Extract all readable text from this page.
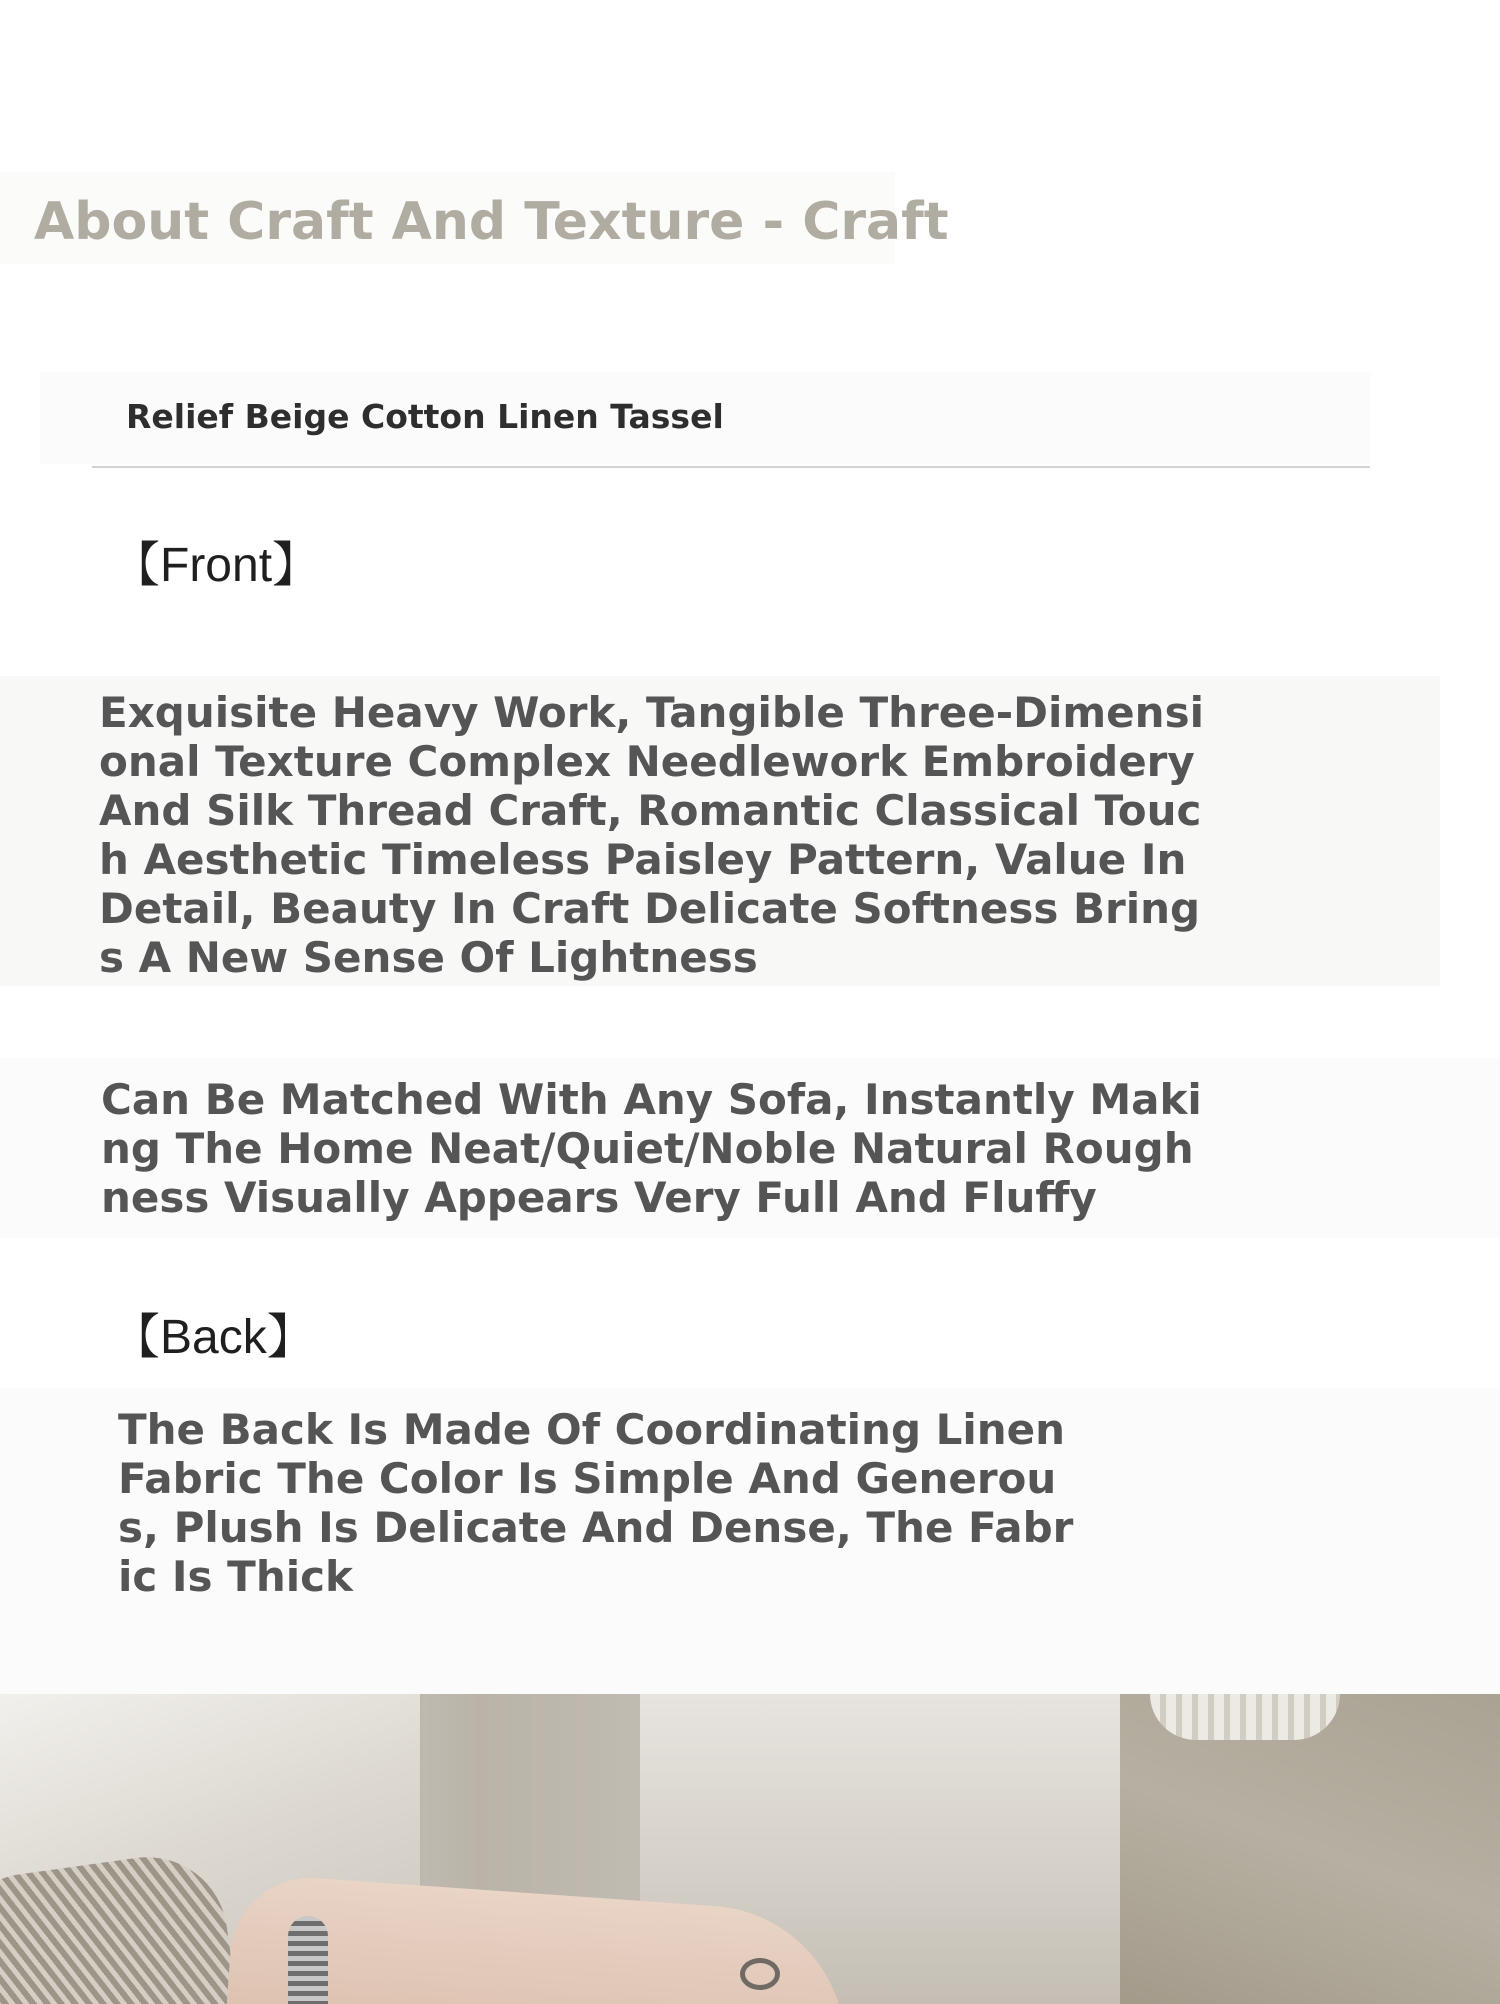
About Craft And Texture - Craft
Relief Beige Cotton Linen Tassel
【Front】

Exquisite Heavy Work, Tangible Three-Dimensional Texture Complex Needlework Embroidery And Silk Thread Craft, Romantic Classical Touch Aesthetic Timeless Paisley Pattern, Value In Detail, Beauty In Craft Delicate Softness Brings A New Sense Of Lightness

Can Be Matched With Any Sofa, Instantly Making The Home Neat/Quiet/Noble Natural Roughness Visually Appears Very Full And Fluffy

【Back】

The Back Is Made Of Coordinating Linen Fabric The Color Is Simple And Generous, Plush Is Delicate And Dense, The Fabric Is Thick
